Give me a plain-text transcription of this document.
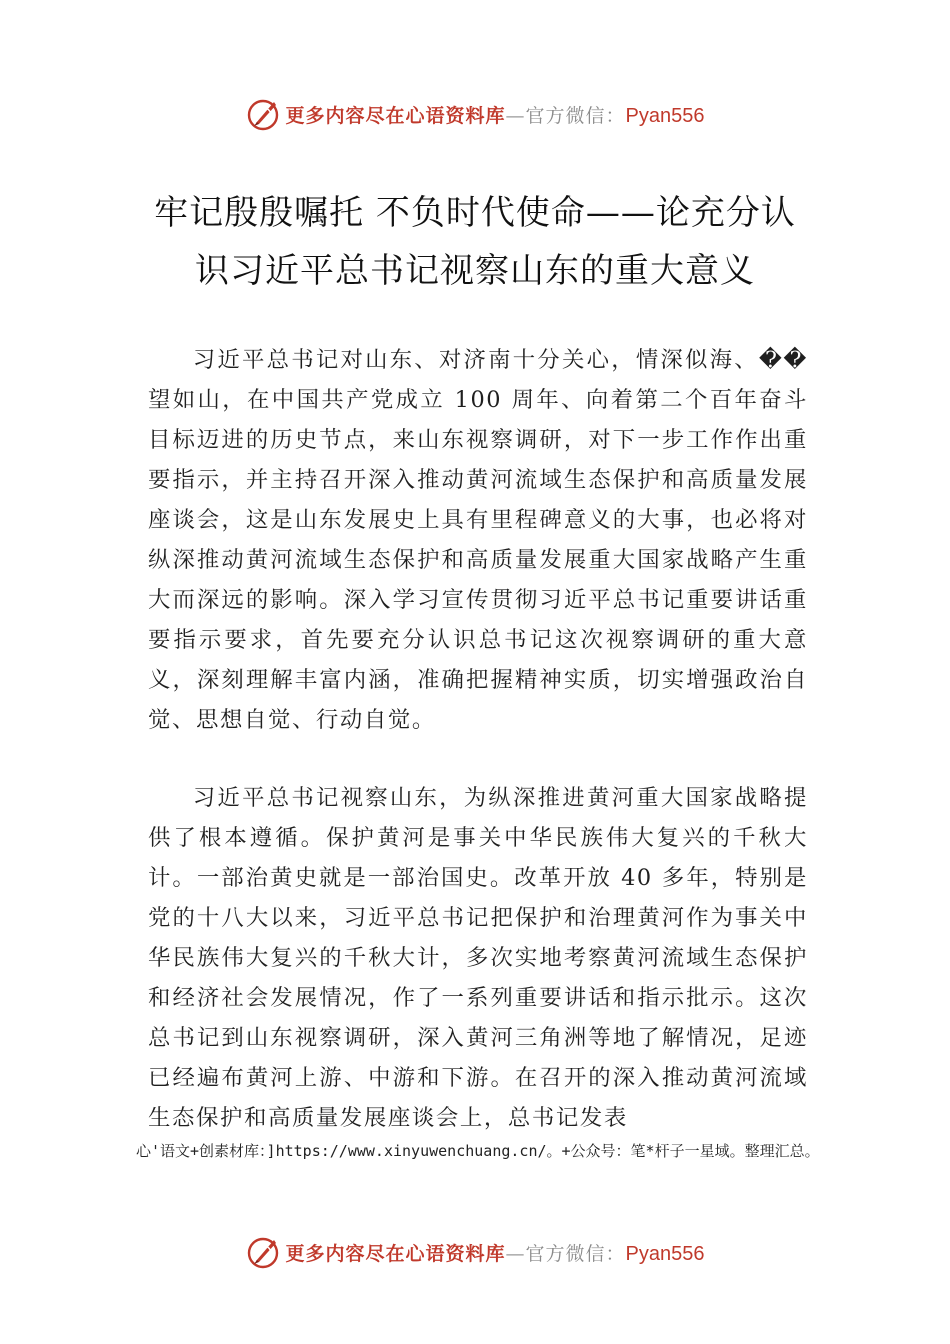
更多内容尽在心语资料库—官方微信：Pyan556
牢记殷殷嘱托 不负时代使命——论充分认
识习近平总书记视察山东的重大意义

习近平总书记对山东、对济南十分关心，情深似海、��望如山，在中国共产党成立 100 周年、向着第二个百年奋斗目标迈进的历史节点，来山东视察调研，对下一步工作作出重要指示，并主持召开深入推动黄河流域生态保护和高质量发展座谈会，这是山东发展史上具有里程碑意义的大事，也必将对纵深推动黄河流域生态保护和高质量发展重大国家战略产生重大而深远的影响。深入学习宣传贯彻习近平总书记重要讲话重要指示要求，首先要充分认识总书记这次视察调研的重大意义，深刻理解丰富内涵，准确把握精神实质，切实增强政治自觉、思想自觉、行动自觉。

习近平总书记视察山东，为纵深推进黄河重大国家战略提供了根本遵循。保护黄河是事关中华民族伟大复兴的千秋大计。一部治黄史就是一部治国史。改革开放 40 多年，特别是党的十八大以来，习近平总书记把保护和治理黄河作为事关中华民族伟大复兴的千秋大计，多次实地考察黄河流域生态保护和经济社会发展情况，作了一系列重要讲话和指示批示。这次总书记到山东视察调研，深入黄河三角洲等地了解情况，足迹已经遍布黄河上游、中游和下游。在召开的深入推动黄河流域生态保护和高质量发展座谈会上，总书记发表

心'语文+创素材库：]https://www.xinyuwenchuang.cn/。+公众号：笔*杆子一星域。整理汇总。

更多内容尽在心语资料库—官方微信：Pyan556
